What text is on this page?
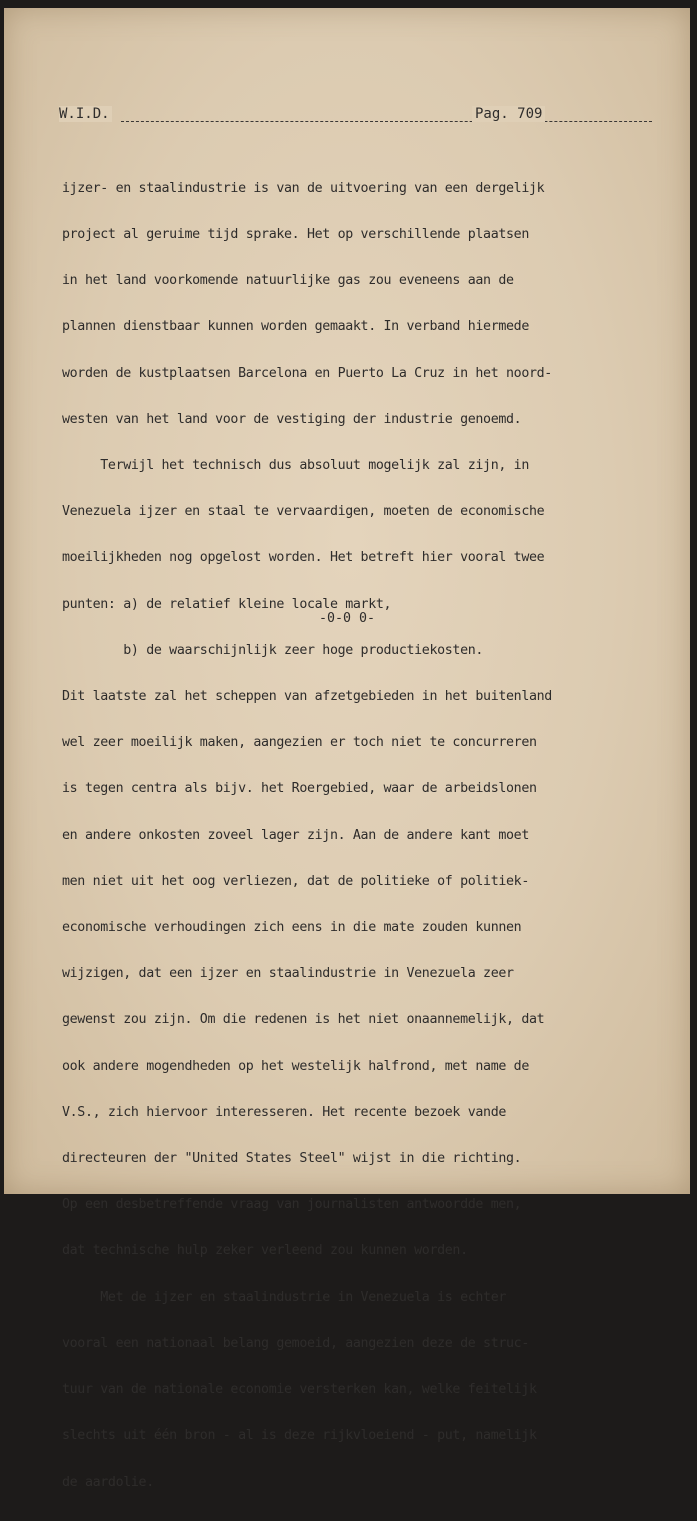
W.I.D.	Pag. 709

ijzer- en staalindustrie is van de uitvoering van een dergelijk

project al geruime tijd sprake. Het op verschillende plaatsen

in het land voorkomende natuurlijke gas zou eveneens aan de

plannen dienstbaar kunnen worden gemaakt. In verband hiermede

worden de kustplaatsen Barcelona en Puerto La Cruz in het noord-

westen van het land voor de vestiging der industrie genoemd.

Terwijl het technisch dus absoluut mogelijk zal zijn, in

Venezuela ijzer en staal te vervaardigen, moeten de economische

moeilijkheden nog opgelost worden. Het betreft hier vooral twee

punten: a) de relatief kleine locale markt,

b) de waarschijnlijk zeer hoge productiekosten.

Dit laatste zal het scheppen van afzetgebieden in het buitenland

wel zeer moeilijk maken, aangezien er toch niet te concurreren

is tegen centra als bijv. het Roergebied, waar de arbeidslonen

en andere onkosten zoveel lager zijn. Aan de andere kant moet

men niet uit het oog verliezen, dat de politieke of politiek-

economische verhoudingen zich eens in die mate zouden kunnen

wijzigen, dat een ijzer en staalindustrie in Venezuela zeer

gewenst zou zijn. Om die redenen is het niet onaannemelijk, dat

ook andere mogendheden op het westelijk halfrond, met name de

V.S., zich hiervoor interesseren. Het recente bezoek vande

directeuren der "United States Steel" wijst in die richting.

Op een desbetreffende vraag van journalisten antwoordde men,

dat technische hulp zeker verleend zou kunnen worden.

Met de ijzer en staalindustrie in Venezuela is echter

vooral een nationaal belang gemoeid, aangezien deze de struc-

tuur van de nationale economie versterken kan, welke feitelijk

slechts uit één bron - al is deze rijkvloeiend - put, namelijk

de aardolie.

-0-0 0-
